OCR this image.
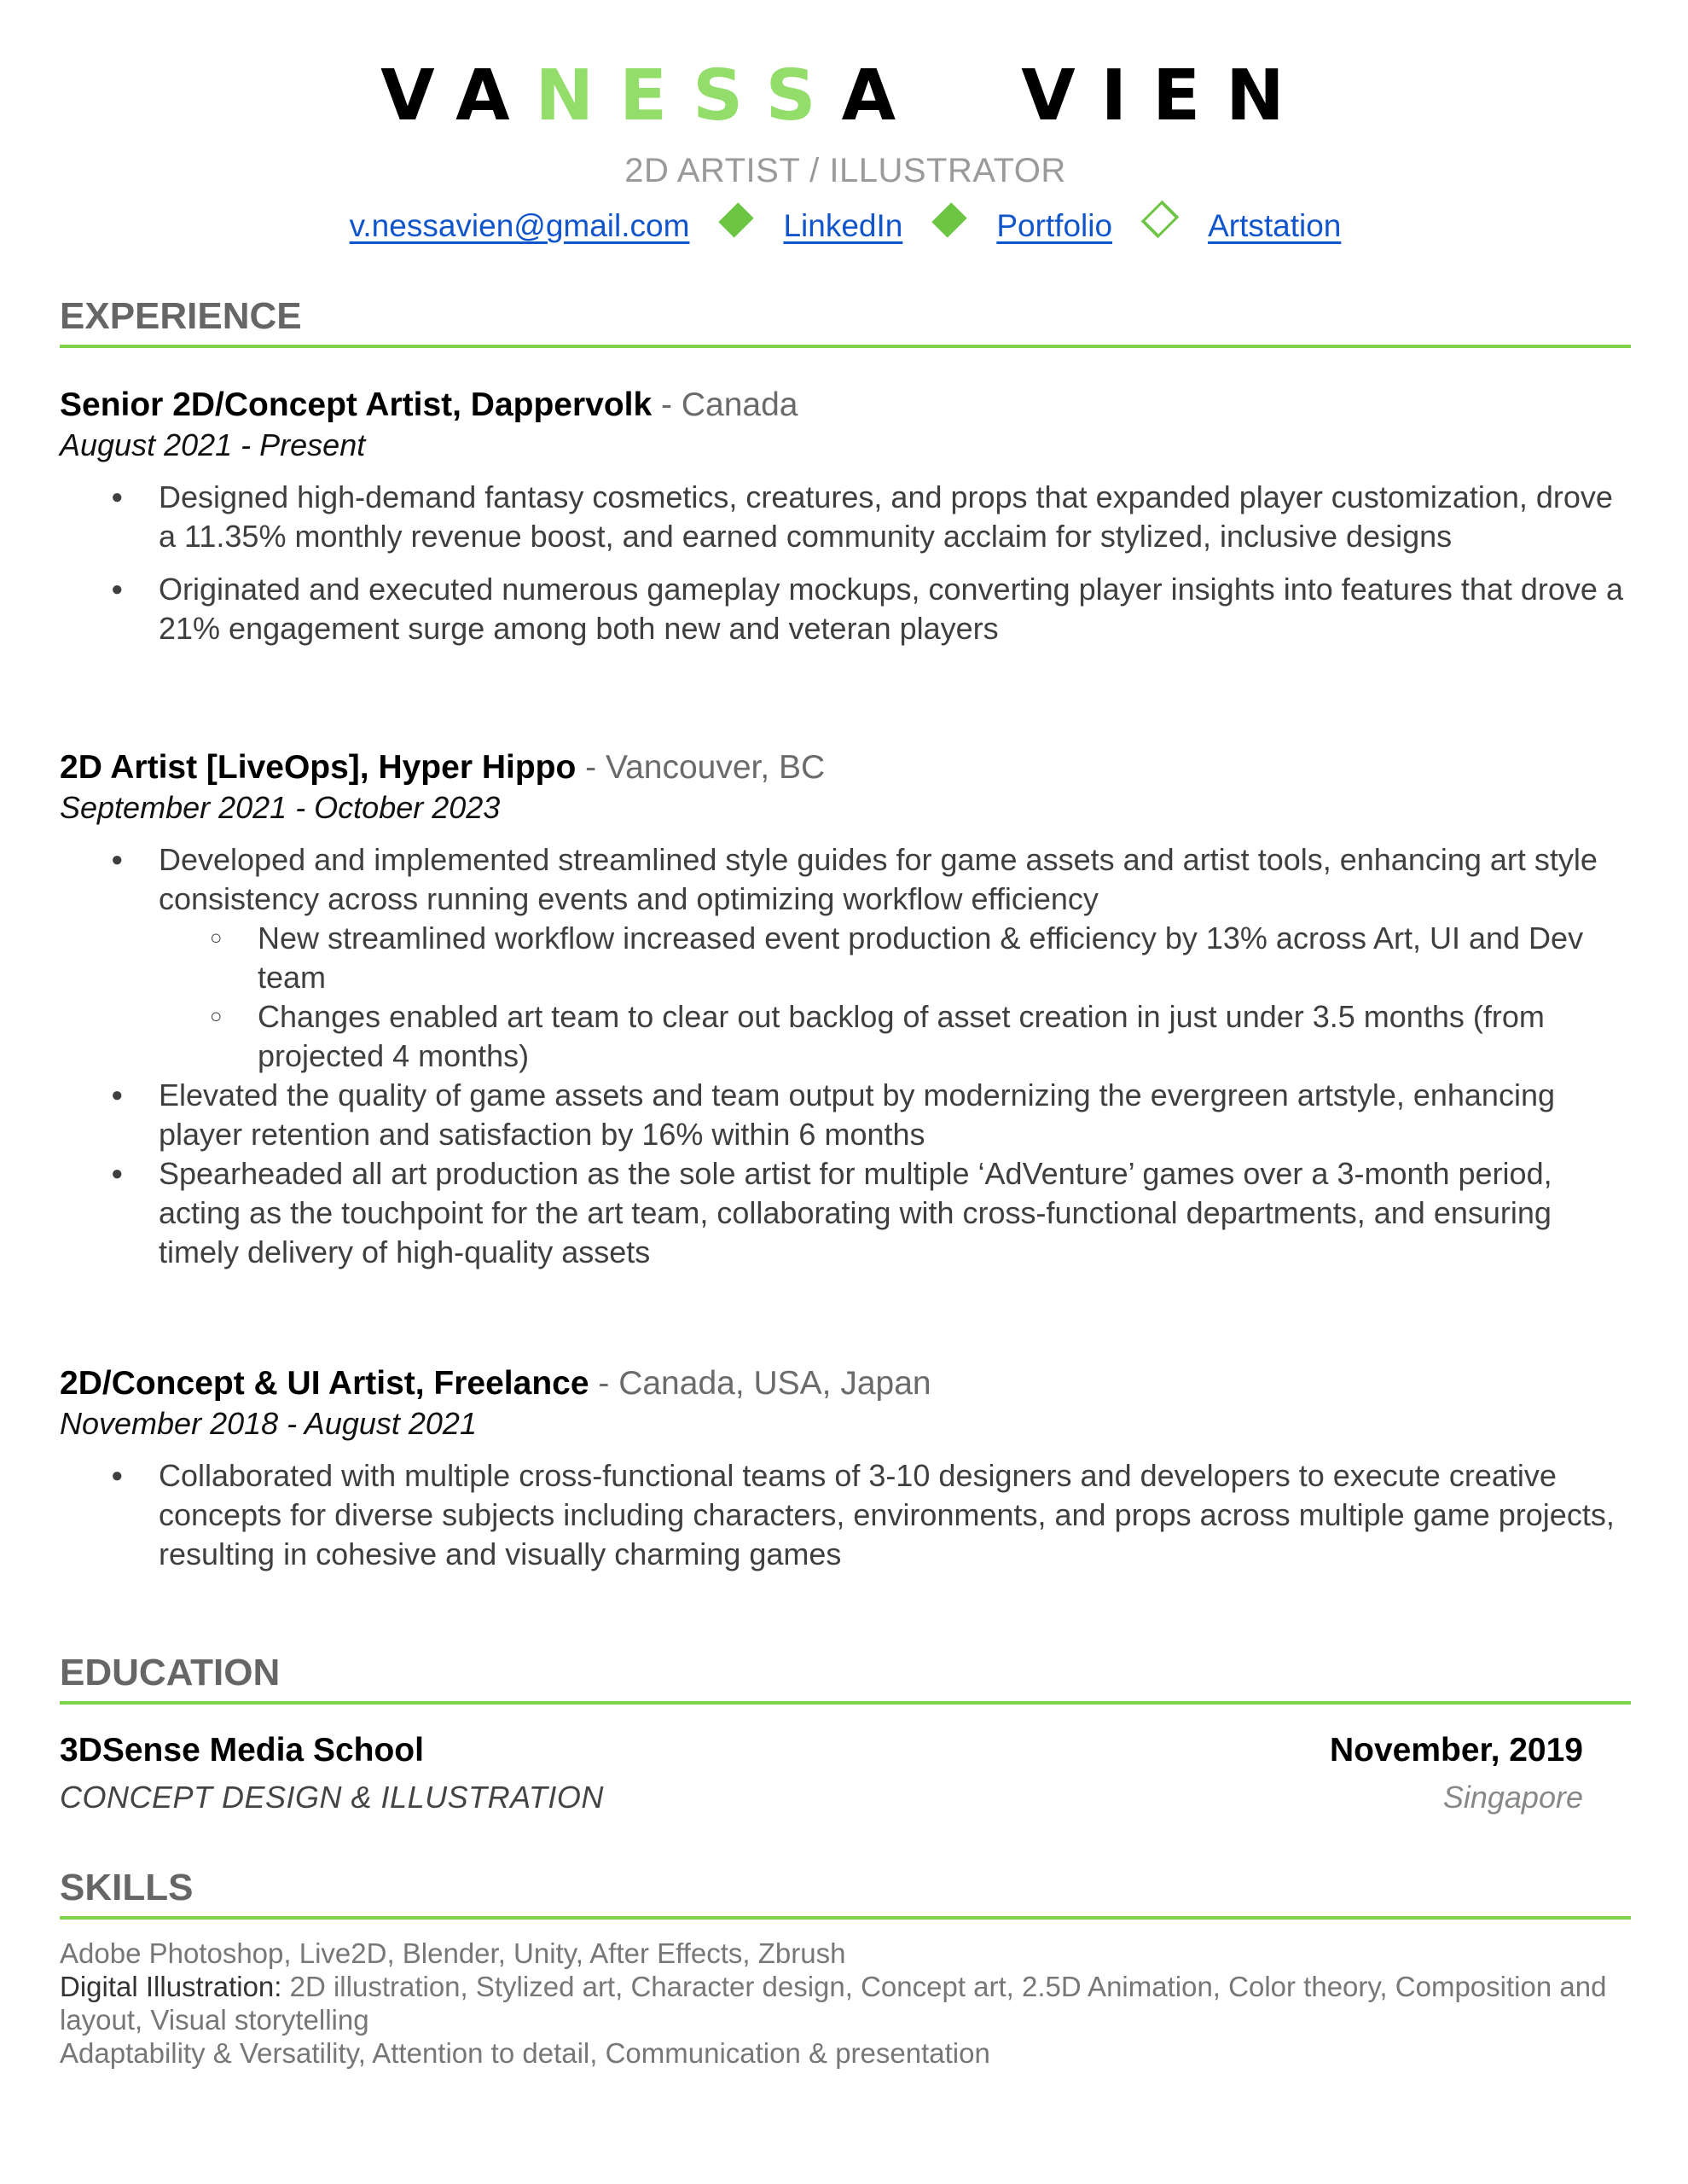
VANESSA VIEN
2D ARTIST / ILLUSTRATOR
v.nessavien@gmail.com	LinkedIn	Portfolio	Artstation
EXPERIENCE
Senior 2D/Concept Artist, Dappervolk - Canada
August 2021 - Present
● Designed high-demand fantasy cosmetics, creatures, and props that expanded player customization, drove a 11.35% monthly revenue boost, and earned community acclaim for stylized, inclusive designs
● Originated and executed numerous gameplay mockups, converting player insights into features that drove a 21% engagement surge among both new and veteran players
2D Artist [LiveOps], Hyper Hippo - Vancouver, BC
September 2021 - October 2023
● Developed and implemented streamlined style guides for game assets and artist tools, enhancing art style consistency across running events and optimizing workflow efficiency
○ New streamlined workflow increased event production & efficiency by 13% across Art, UI and Dev team
○ Changes enabled art team to clear out backlog of asset creation in just under 3.5 months (from projected 4 months)
● Elevated the quality of game assets and team output by modernizing the evergreen artstyle, enhancing player retention and satisfaction by 16% within 6 months
● Spearheaded all art production as the sole artist for multiple ‘AdVenture’ games over a 3-month period, acting as the touchpoint for the art team, collaborating with cross-functional departments, and ensuring timely delivery of high-quality assets
2D/Concept & UI Artist, Freelance - Canada, USA, Japan
November 2018 - August 2021
● Collaborated with multiple cross-functional teams of 3-10 designers and developers to execute creative concepts for diverse subjects including characters, environments, and props across multiple game projects, resulting in cohesive and visually charming games
EDUCATION
3DSense Media School	November, 2019
CONCEPT DESIGN & ILLUSTRATION	Singapore
SKILLS
Adobe Photoshop, Live2D, Blender, Unity, After Effects, Zbrush
Digital Illustration: 2D illustration, Stylized art, Character design, Concept art, 2.5D Animation, Color theory, Composition and layout, Visual storytelling
Adaptability & Versatility, Attention to detail, Communication & presentation
